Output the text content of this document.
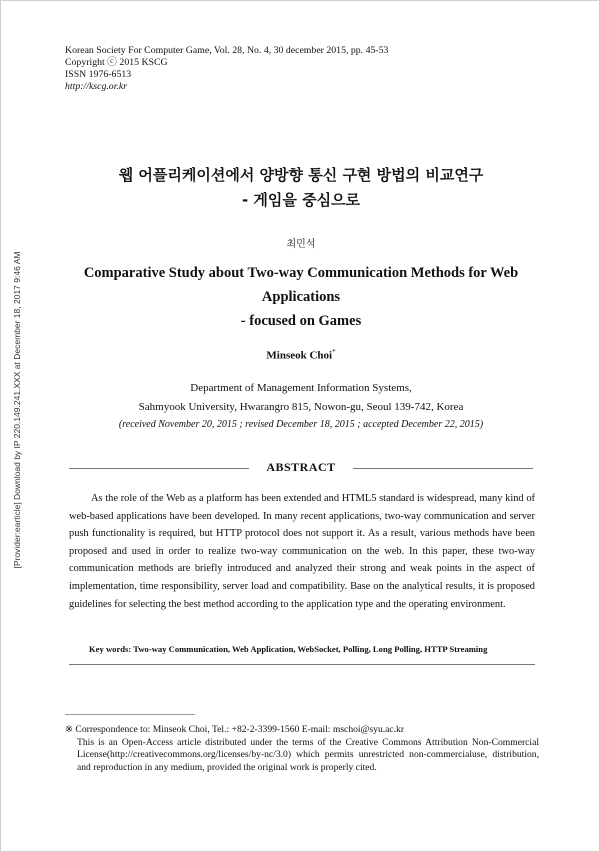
[Provider:earticle] Download by IP 220.149.241.XXX at December 18, 2017 9:46 AM
Korean Society For Computer Game, Vol. 28, No. 4, 30 december 2015, pp. 45-53
Copyright ⓒ 2015 KSCG
ISSN 1976-6513
http://kscg.or.kr
웹 어플리케이션에서 양방향 통신 구현 방법의 비교연구
- 게임을 중심으로
최민석
Comparative Study about Two-way Communication Methods for Web
Applications
- focused on Games
Minseok Choi*
Department of Management Information Systems,
Sahmyook University, Hwarangro 815, Nowon-gu, Seoul 139-742, Korea
(received November 20, 2015 ; revised December 18, 2015 ; accepted December 22, 2015)
ABSTRACT

As the role of the Web as a platform has been extended and HTML5 standard is widespread, many kind of web-based applications have been developed. In many recent applications, two-way communication and server push functionality is required, but HTTP protocol does not support it. As a result, various methods have been proposed and used in order to realize two-way communication on the web. In this paper, these two-way communication methods are briefly introduced and analyzed their strong and weak points in the aspect of implementation, time responsibility, server load and compatibility. Base on the analytical results, it is proposed guidelines for selecting the best method according to the application type and the operating environment.

Key words: Two-way Communication, Web Application, WebSocket, Polling, Long Polling, HTTP Streaming
※ Correspondence to: Minseok Choi, Tel.: +82-2-3399-1560 E-mail: mschoi@syu.ac.kr
This is an Open-Access article distributed under the terms of the Creative Commons Attribution Non-Commercial License(http://creativecommons.org/licenses/by-nc/3.0) which permits unrestricted non-commercialuse, distribution, and reproduction in any medium, provided the original work is properly cited.
